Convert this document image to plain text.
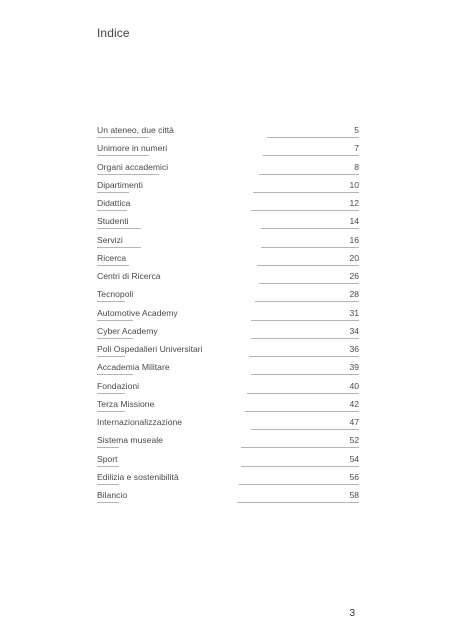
Indice
Un ateneo, due città	5
Unimore in numeri	7
Organi accademici	8
Dipartimenti	10
Didattica	12
Studenti	14
Servizi	16
Ricerca	20
Centri di Ricerca	26
Tecnopoli	28
Automotive Academy	31
Cyber Academy	34
Poli Ospedalieri Universitari	36
Accademia Militare	39
Fondazioni	40
Terza Missione	42
Internazionalizzazione	47
Sistema museale	52
Sport	54
Edilizia e sostenibilità	56
Bilancio	58
3
